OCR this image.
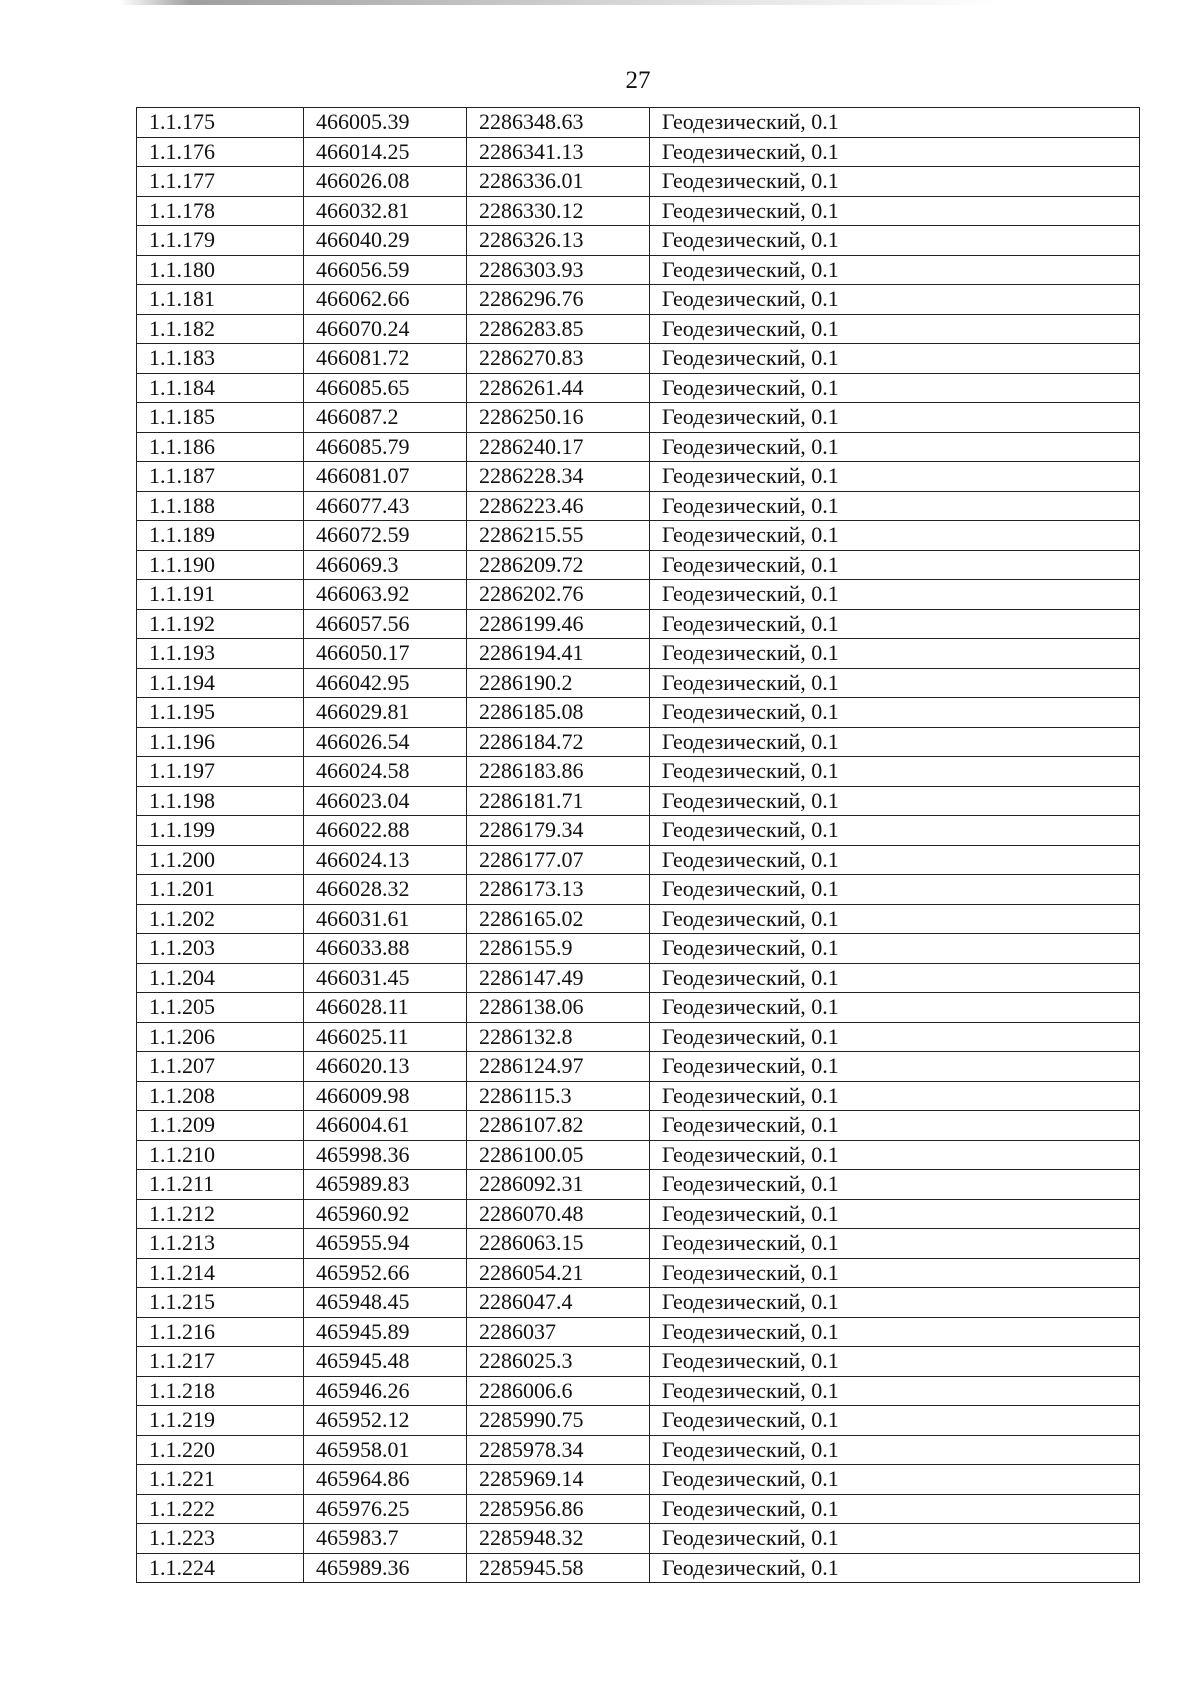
27
1.1.175	466005.39	2286348.63	Геодезический, 0.1
1.1.176	466014.25	2286341.13	Геодезический, 0.1
1.1.177	466026.08	2286336.01	Геодезический, 0.1
1.1.178	466032.81	2286330.12	Геодезический, 0.1
1.1.179	466040.29	2286326.13	Геодезический, 0.1
1.1.180	466056.59	2286303.93	Геодезический, 0.1
1.1.181	466062.66	2286296.76	Геодезический, 0.1
1.1.182	466070.24	2286283.85	Геодезический, 0.1
1.1.183	466081.72	2286270.83	Геодезический, 0.1
1.1.184	466085.65	2286261.44	Геодезический, 0.1
1.1.185	466087.2	2286250.16	Геодезический, 0.1
1.1.186	466085.79	2286240.17	Геодезический, 0.1
1.1.187	466081.07	2286228.34	Геодезический, 0.1
1.1.188	466077.43	2286223.46	Геодезический, 0.1
1.1.189	466072.59	2286215.55	Геодезический, 0.1
1.1.190	466069.3	2286209.72	Геодезический, 0.1
1.1.191	466063.92	2286202.76	Геодезический, 0.1
1.1.192	466057.56	2286199.46	Геодезический, 0.1
1.1.193	466050.17	2286194.41	Геодезический, 0.1
1.1.194	466042.95	2286190.2	Геодезический, 0.1
1.1.195	466029.81	2286185.08	Геодезический, 0.1
1.1.196	466026.54	2286184.72	Геодезический, 0.1
1.1.197	466024.58	2286183.86	Геодезический, 0.1
1.1.198	466023.04	2286181.71	Геодезический, 0.1
1.1.199	466022.88	2286179.34	Геодезический, 0.1
1.1.200	466024.13	2286177.07	Геодезический, 0.1
1.1.201	466028.32	2286173.13	Геодезический, 0.1
1.1.202	466031.61	2286165.02	Геодезический, 0.1
1.1.203	466033.88	2286155.9	Геодезический, 0.1
1.1.204	466031.45	2286147.49	Геодезический, 0.1
1.1.205	466028.11	2286138.06	Геодезический, 0.1
1.1.206	466025.11	2286132.8	Геодезический, 0.1
1.1.207	466020.13	2286124.97	Геодезический, 0.1
1.1.208	466009.98	2286115.3	Геодезический, 0.1
1.1.209	466004.61	2286107.82	Геодезический, 0.1
1.1.210	465998.36	2286100.05	Геодезический, 0.1
1.1.211	465989.83	2286092.31	Геодезический, 0.1
1.1.212	465960.92	2286070.48	Геодезический, 0.1
1.1.213	465955.94	2286063.15	Геодезический, 0.1
1.1.214	465952.66	2286054.21	Геодезический, 0.1
1.1.215	465948.45	2286047.4	Геодезический, 0.1
1.1.216	465945.89	2286037	Геодезический, 0.1
1.1.217	465945.48	2286025.3	Геодезический, 0.1
1.1.218	465946.26	2286006.6	Геодезический, 0.1
1.1.219	465952.12	2285990.75	Геодезический, 0.1
1.1.220	465958.01	2285978.34	Геодезический, 0.1
1.1.221	465964.86	2285969.14	Геодезический, 0.1
1.1.222	465976.25	2285956.86	Геодезический, 0.1
1.1.223	465983.7	2285948.32	Геодезический, 0.1
1.1.224	465989.36	2285945.58	Геодезический, 0.1
